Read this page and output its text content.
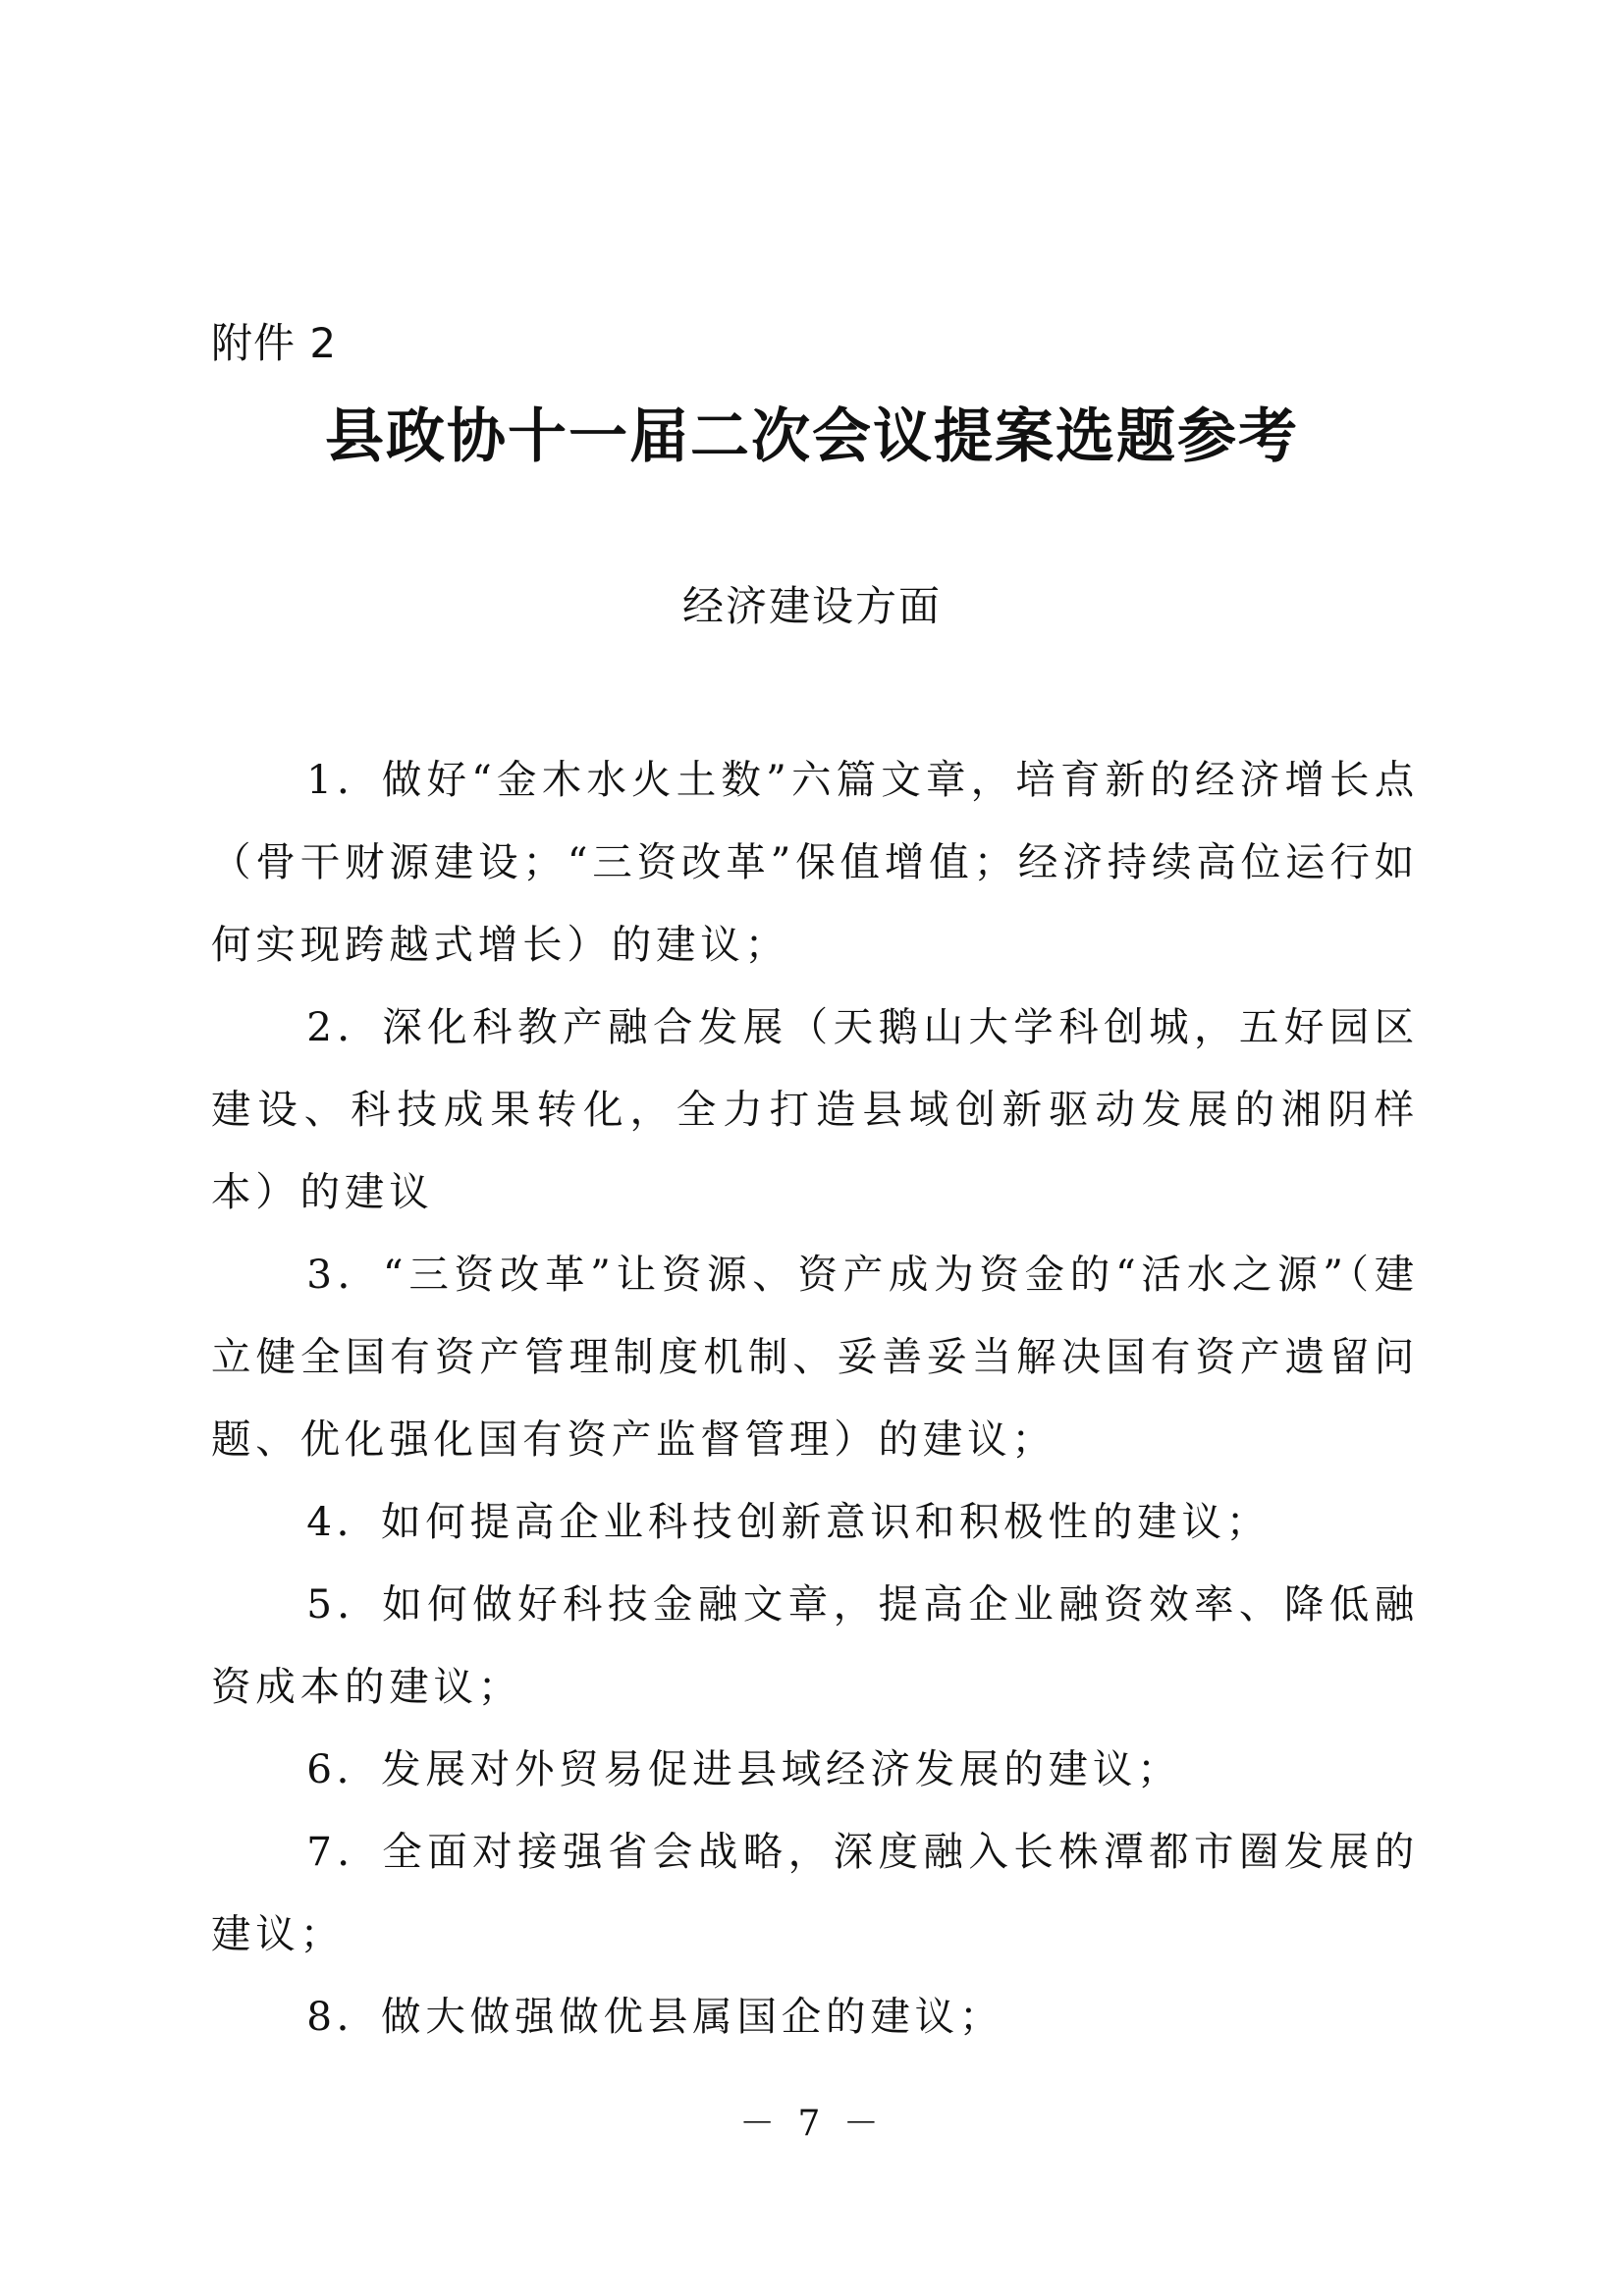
附件 2
县政协十一届二次会议提案选题参考
经济建设方面
1．做好“金木水火土数”六篇文章，培育新的经济增长点（骨干财源建设；“三资改革”保值增值；经济持续高位运行如何实现跨越式增长）的建议；
2．深化科教产融合发展（天鹅山大学科创城，五好园区建设、科技成果转化，全力打造县域创新驱动发展的湘阴样本）的建议
3．“三资改革”让资源、资产成为资金的“活水之源”（建立健全国有资产管理制度机制、妥善妥当解决国有资产遗留问题、优化强化国有资产监督管理）的建议；
4．如何提高企业科技创新意识和积极性的建议；
5．如何做好科技金融文章，提高企业融资效率、降低融资成本的建议；
6．发展对外贸易促进县域经济发展的建议；
7．全面对接强省会战略，深度融入长株潭都市圈发展的建议；
8．做大做强做优县属国企的建议；
－ 7 －
